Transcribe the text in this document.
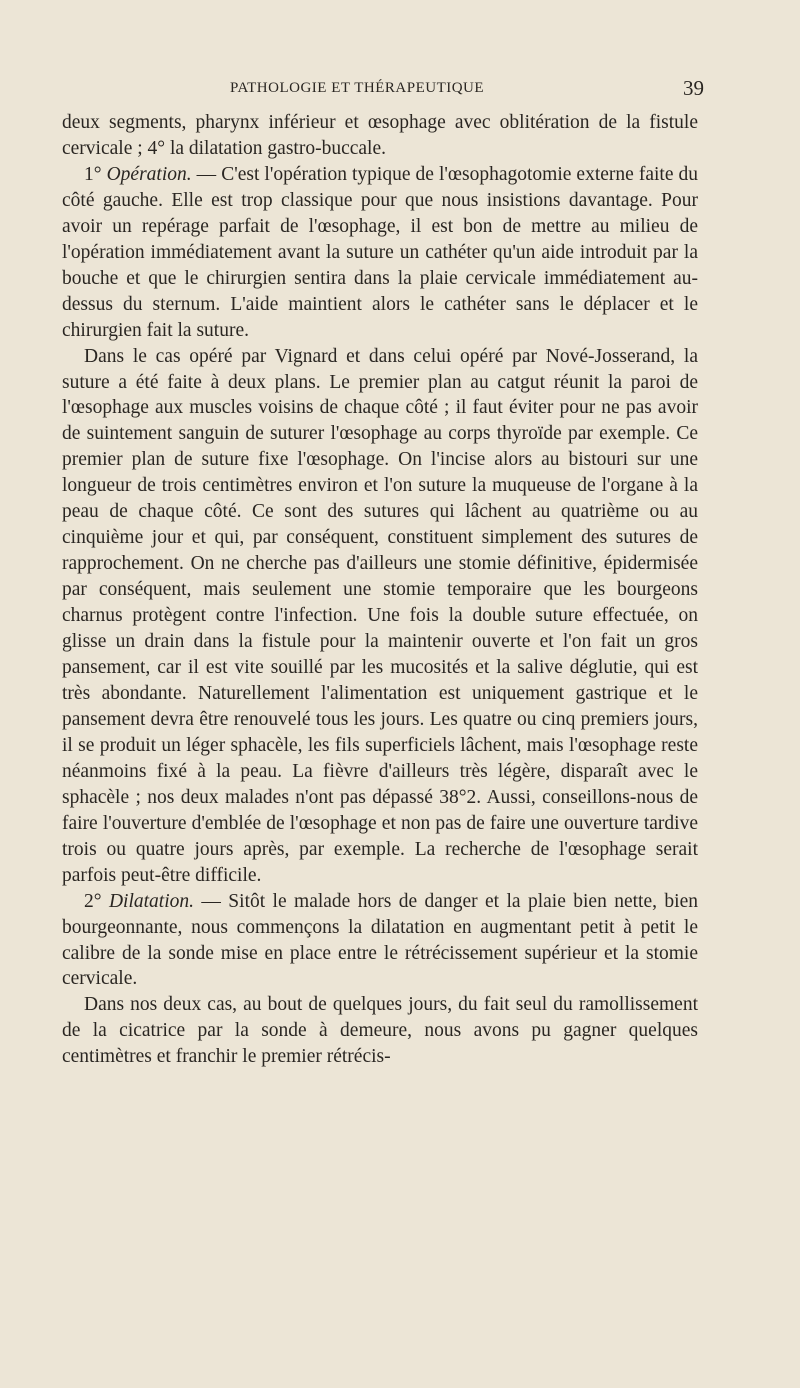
PATHOLOGIE ET THÉRAPEUTIQUE	39

deux segments, pharynx inférieur et œsophage avec oblitération de la fistule cervicale ; 4° la dilatation gastro-buccale.

1° Opération. — C'est l'opération typique de l'œsophagotomie externe faite du côté gauche. Elle est trop classique pour que nous insistions davantage. Pour avoir un repérage parfait de l'œsophage, il est bon de mettre au milieu de l'opération immédiatement avant la suture un cathéter qu'un aide introduit par la bouche et que le chirurgien sentira dans la plaie cervicale immédiatement au-dessus du sternum. L'aide maintient alors le cathéter sans le déplacer et le chirurgien fait la suture.

Dans le cas opéré par Vignard et dans celui opéré par Nové-Josserand, la suture a été faite à deux plans. Le premier plan au catgut réunit la paroi de l'œsophage aux muscles voisins de chaque côté ; il faut éviter pour ne pas avoir de suintement sanguin de suturer l'œsophage au corps thyroïde par exemple. Ce premier plan de suture fixe l'œsophage. On l'incise alors au bistouri sur une longueur de trois centimètres environ et l'on suture la muqueuse de l'organe à la peau de chaque côté. Ce sont des sutures qui lâchent au quatrième ou au cinquième jour et qui, par conséquent, constituent simplement des sutures de rapprochement. On ne cherche pas d'ailleurs une stomie définitive, épidermisée par conséquent, mais seulement une stomie temporaire que les bourgeons charnus protègent contre l'infection. Une fois la double suture effectuée, on glisse un drain dans la fistule pour la maintenir ouverte et l'on fait un gros pansement, car il est vite souillé par les mucosités et la salive déglutie, qui est très abondante. Naturellement l'alimentation est uniquement gastrique et le pansement devra être renouvelé tous les jours. Les quatre ou cinq premiers jours, il se produit un léger sphacèle, les fils superficiels lâchent, mais l'œsophage reste néanmoins fixé à la peau. La fièvre d'ailleurs très légère, disparaît avec le sphacèle ; nos deux malades n'ont pas dépassé 38°2. Aussi, conseillons-nous de faire l'ouverture d'emblée de l'œsophage et non pas de faire une ouverture tardive trois ou quatre jours après, par exemple. La recherche de l'œsophage serait parfois peut-être difficile.

2° Dilatation. — Sitôt le malade hors de danger et la plaie bien nette, bien bourgeonnante, nous commençons la dilatation en augmentant petit à petit le calibre de la sonde mise en place entre le rétrécissement supérieur et la stomie cervicale.

Dans nos deux cas, au bout de quelques jours, du fait seul du ramollissement de la cicatrice par la sonde à demeure, nous avons pu gagner quelques centimètres et franchir le premier rétrécis-
